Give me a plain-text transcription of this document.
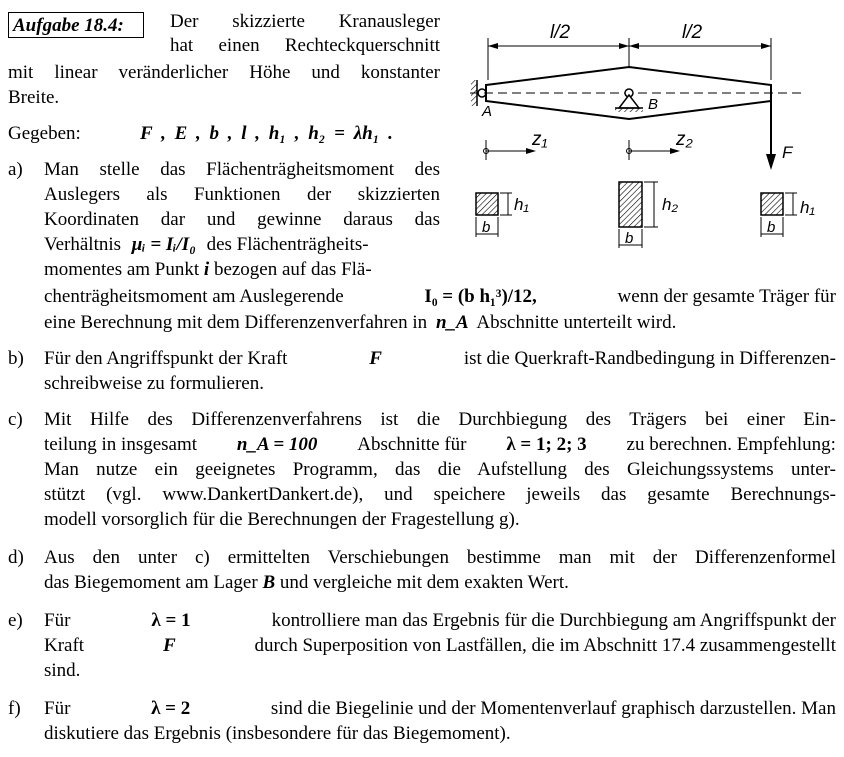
Aufgabe 18.4:	Der skizzierte Kranausleger
hat einen Rechteckquerschnitt
mit linear veränderlicher Höhe und konstanter
Breite.
Gegeben:	F , E , b , l , h₁ , h₂ = λh₁ .
a)	Man stelle das Flächenträgheitsmoment des
Auslegers als Funktionen der skizzierten
Koordinaten dar und gewinne daraus das
Verhältnis μᵢ = Iᵢ/I₀ des Flächenträgheits-
momentes am Punkt i bezogen auf das Flä-
chenträgheitsmoment am Auslegerende	I₀ = (b h₁³)/12,	wenn der gesamte Träger für
eine Berechnung mit dem Differenzenverfahren in n_A Abschnitte unterteilt wird.
b)	Für den Angriffspunkt der Kraft	F	ist die Querkraft-Randbedingung in Differenzen-
schreibweise zu formulieren.
c)	Mit Hilfe des Differenzenverfahrens ist die Durchbiegung des Trägers bei einer Ein-
teilung in insgesamt n_A = 100 Abschnitte für λ = 1; 2; 3 zu berechnen. Empfehlung:
Man nutze ein geeignetes Programm, das die Aufstellung des Gleichungssystems unter-
stützt (vgl. www.DankertDankert.de), und speichere jeweils das gesamte Berechnungs-
modell vorsorglich für die Berechnungen der Fragestellung g).
d)	Aus den unter c) ermittelten Verschiebungen bestimme man mit der Differenzenformel
das Biegemoment am Lager B und vergleiche mit dem exakten Wert.
e)	Für	λ = 1	kontrolliere man das Ergebnis für die Durchbiegung am Angriffspunkt der
Kraft	F	durch Superposition von Lastfällen, die im Abschnitt 17.4 zusammengestellt
sind.
f)	Für	λ = 2	sind die Biegelinie und der Momentenverlauf graphisch darzustellen. Man
diskutiere das Ergebnis (insbesondere für das Biegemoment).
l/2	l/2
A	B
F
z₁	z₂
h₁
b
h₂
b
h₁
b
